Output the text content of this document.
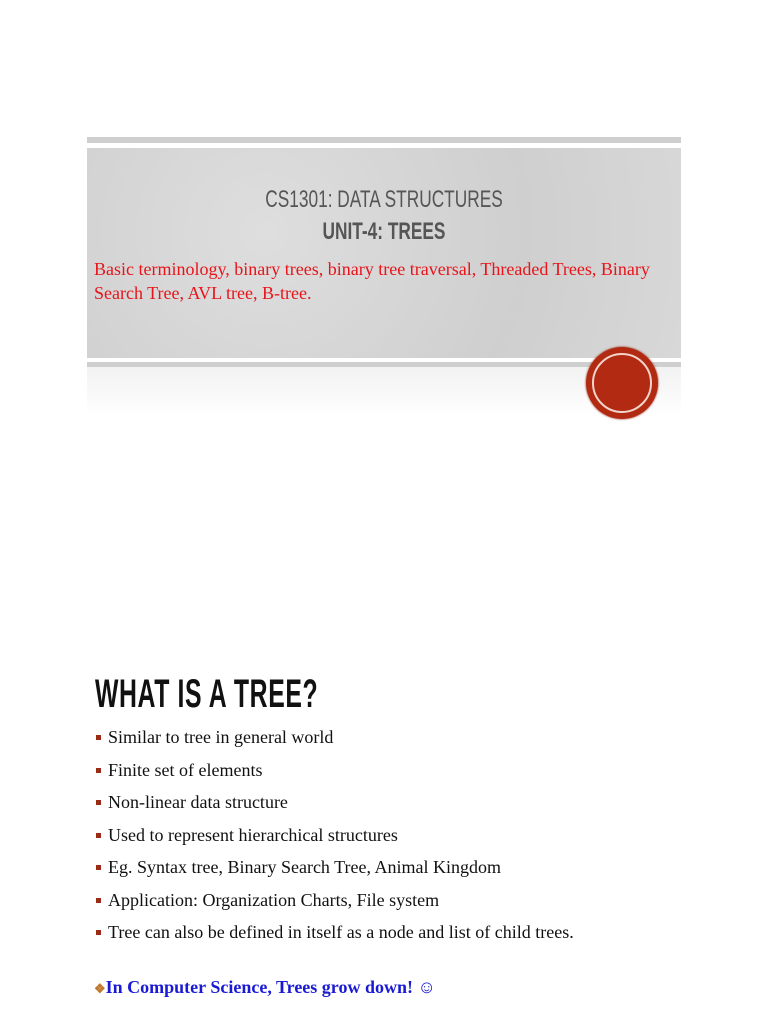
CS1301: DATA STRUCTURES
UNIT-4: TREES
Basic terminology, binary trees, binary tree traversal, Threaded Trees, Binary Search Tree, AVL tree, B-tree.
WHAT IS A TREE?
Similar to tree in general world
Finite set of elements
Non-linear data structure
Used to represent hierarchical structures
Eg. Syntax tree, Binary Search Tree, Animal Kingdom
Application: Organization Charts, File system
Tree can also be defined in itself as a node and list of child trees.
❖In Computer Science, Trees grow down! ☺
